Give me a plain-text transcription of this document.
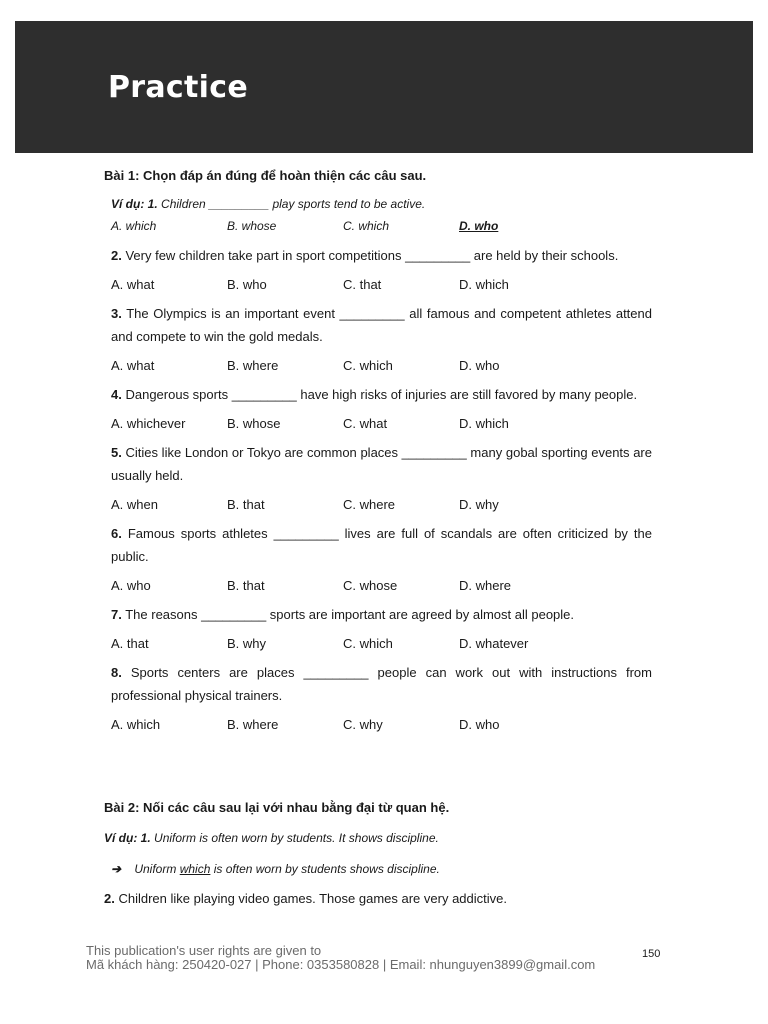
Practice

Bài 1: Chọn đáp án đúng để hoàn thiện các câu sau.

Ví dụ: 1. Children _________ play sports tend to be active.
A. which	B. whose	C. which	D. who
2. Very few children take part in sport competitions _________ are held by their schools.
A. what	B. who	C. that	D. which
3. The Olympics is an important event _________ all famous and competent athletes attend and compete to win the gold medals.
A. what	B. where	C. which	D. who
4. Dangerous sports _________ have high risks of injuries are still favored by many people.
A. whichever	B. whose	C. what	D. which
5. Cities like London or Tokyo are common places _________ many gobal sporting events are usually held.
A. when	B. that	C. where	D. why
6. Famous sports athletes _________ lives are full of scandals are often criticized by the public.
A. who	B. that	C. whose	D. where
7. The reasons _________ sports are important are agreed by almost all people.
A. that	B. why	C. which	D. whatever
8. Sports centers are places _________ people can work out with instructions from professional physical trainers.
A. which	B. where	C. why	D. who

Bài 2: Nối các câu sau lại với nhau bằng đại từ quan hệ.

Ví dụ: 1. Uniform is often worn by students. It shows discipline.
➔ Uniform which is often worn by students shows discipline.
2. Children like playing video games. Those games are very addictive.
This publication's user rights are given to
Mã khách hàng: 250420-027 | Phone: 0353580828 | Email: nhunguyen3899@gmail.com
150
